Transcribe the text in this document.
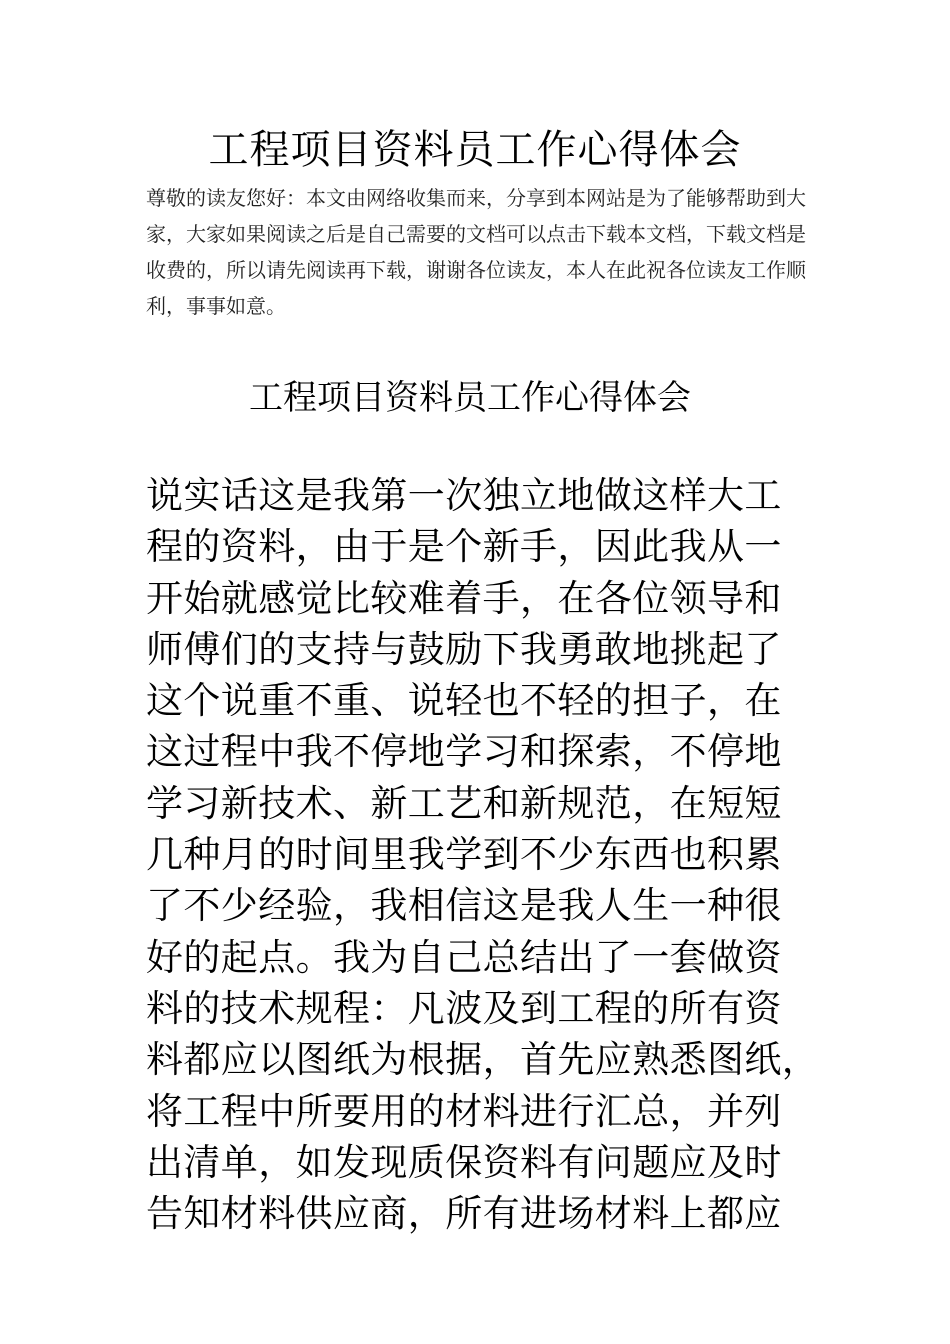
工程项目资料员工作心得体会

尊敬的读友您好：本文由网络收集而来，分享到本网站是为了能够帮助到大家，大家如果阅读之后是自己需要的文档可以点击下载本文档，下载文档是收费的，所以请先阅读再下载，谢谢各位读友，本人在此祝各位读友工作顺利，事事如意。

工程项目资料员工作心得体会
说实话这是我第一次独立地做这样大工
程的资料，由于是个新手，因此我从一
开始就感觉比较难着手，在各位领导和
师傅们的支持与鼓励下我勇敢地挑起了
这个说重不重、说轻也不轻的担子，在
这过程中我不停地学习和探索，不停地
学习新技术、新工艺和新规范，在短短
几种月的时间里我学到不少东西也积累
了不少经验，我相信这是我人生一种很
好的起点。我为自己总结出了一套做资
料的技术规程：凡波及到工程的所有资
料都应以图纸为根据，首先应熟悉图纸，
将工程中所要用的材料进行汇总，并列
出清单，如发现质保资料有问题应及时
告知材料供应商，所有进场材料上都应
